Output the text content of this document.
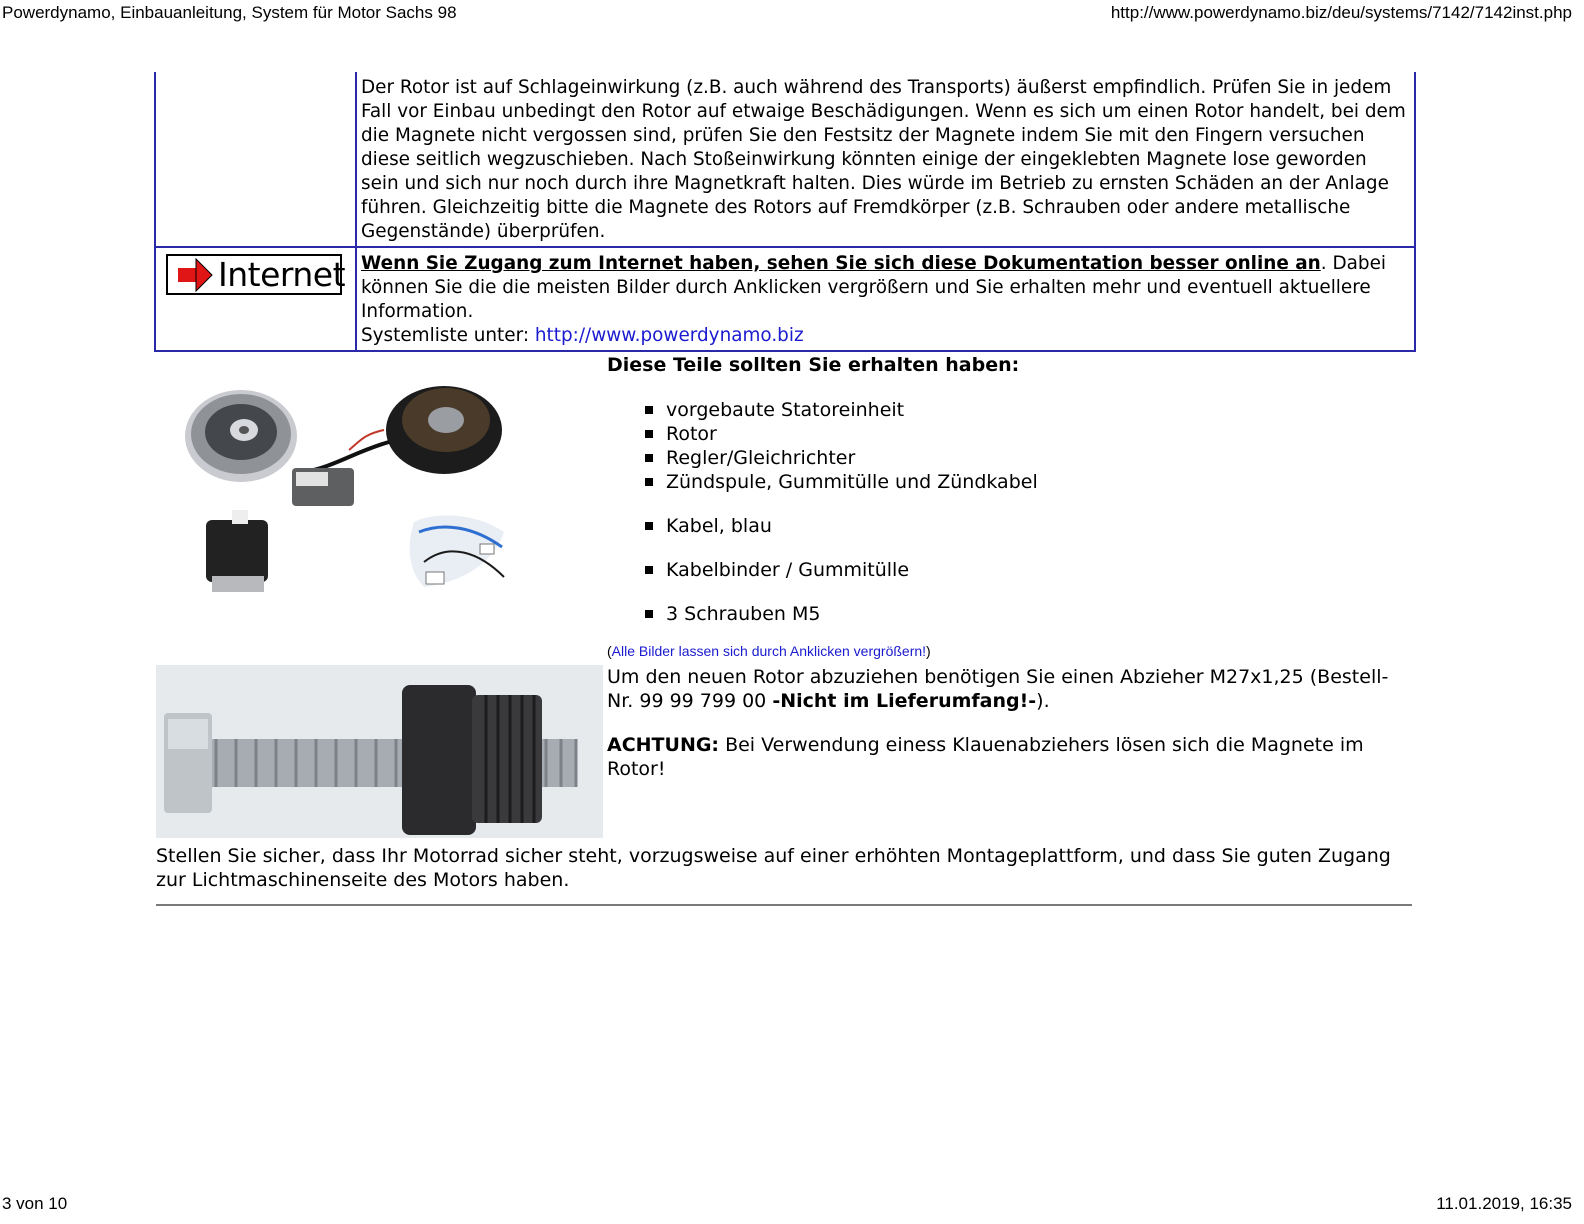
Powerdynamo, Einbauanleitung, System für Motor Sachs 98	http://www.powerdynamo.biz/deu/systems/7142/7142inst.php
	Der Rotor ist auf Schlageinwirkung (z.B. auch während des Transports) äußerst empfindlich. Prüfen Sie in jedem Fall vor Einbau unbedingt den Rotor auf etwaige Beschädigungen. Wenn es sich um einen Rotor handelt, bei dem die Magnete nicht vergossen sind, prüfen Sie den Festsitz der Magnete indem Sie mit den Fingern versuchen diese seitlich wegzuschieben. Nach Stoßeinwirkung könnten einige der eingeklebten Magnete lose geworden sein und sich nur noch durch ihre Magnetkraft halten. Dies würde im Betrieb zu ernsten Schäden an der Anlage führen. Gleichzeitig bitte die Magnete des Rotors auf Fremdkörper (z.B. Schrauben oder andere metallische Gegenstände) überprüfen.

Internet	Wenn Sie Zugang zum Internet haben, sehen Sie sich diese Dokumentation besser online an. Dabei können Sie die die meisten Bilder durch Anklicken vergrößern und Sie erhalten mehr und eventuell aktuellere Information.
Systemliste unter: http://www.powerdynamo.biz
Diese Teile sollten Sie erhalten haben:
vorgebaute Statoreinheit
Rotor
Regler/Gleichrichter
Zündspule, Gummitülle und Zündkabel
Kabel, blau
Kabelbinder / Gummitülle
3 Schrauben M5
(Alle Bilder lassen sich durch Anklicken vergrößern!)

Um den neuen Rotor abzuziehen benötigen Sie einen Abzieher M27x1,25 (Bestell-Nr. 99 99 799 00 -Nicht im Lieferumfang!-).

ACHTUNG: Bei Verwendung einess Klauenabziehers lösen sich die Magnete im Rotor!

Stellen Sie sicher, dass Ihr Motorrad sicher steht, vorzugsweise auf einer erhöhten Montageplattform, und dass Sie guten Zugang zur Lichtmaschinenseite des Motors haben.
3 von 10	11.01.2019, 16:35
